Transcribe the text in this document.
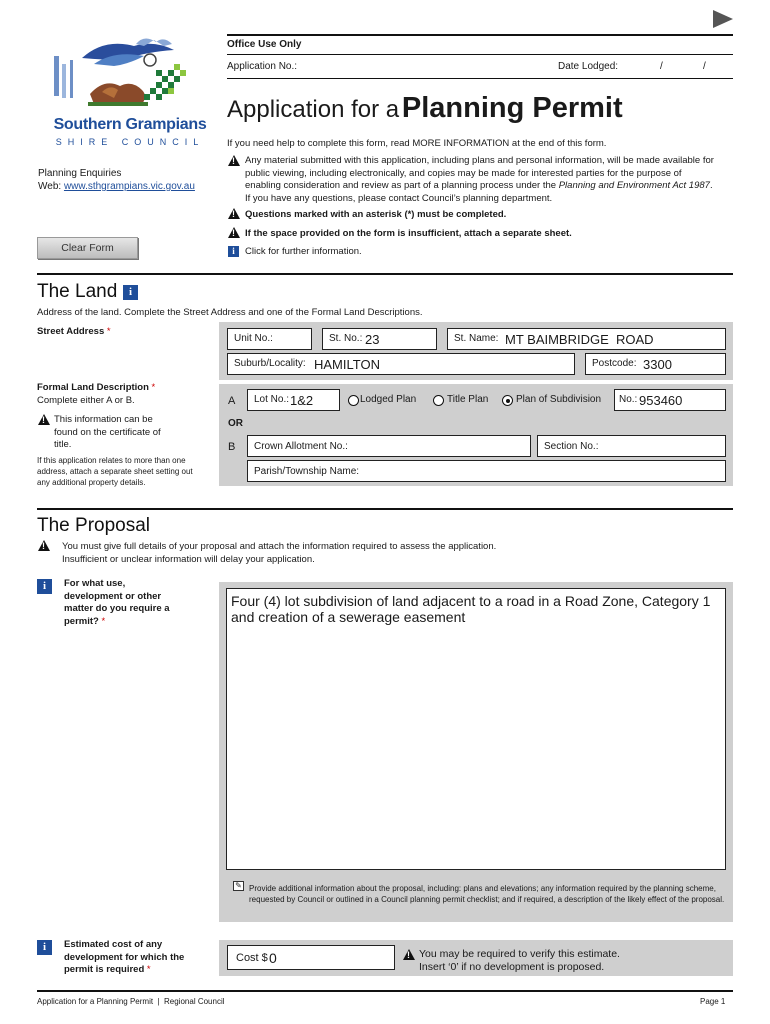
Southern Grampians
SHIRE COUNCIL
Planning Enquiries
Web: www.sthgrampians.vic.gov.au
Clear Form
Office Use Only
Application No.:	Date Lodged:	/	/
Application for a Planning Permit
If you need help to complete this form, read MORE INFORMATION at the end of this form.
!
Any material submitted with this application, including plans and personal information, will be made available for public viewing, including electronically, and copies may be made for interested parties for the purpose of enabling consideration and review as part of a planning process under the Planning and Environment Act 1987. If you have any questions, please contact Council’s planning department.
!
Questions marked with an asterisk (*) must be completed.
!
If the space provided on the form is insufficient, attach a separate sheet.
i	Click for further information.
The Land	i
Address of the land. Complete the Street Address and one of the Formal Land Descriptions.
Street Address *
Unit No.:	St. No.: 23	St. Name: MT BAIMBRIDGE  ROAD
Suburb/Locality: HAMILTON	Postcode: 3300
Formal Land Description *
Complete either A or B.
!
This information can be found on the certificate of title.
If this application relates to more than one address, attach a separate sheet setting out any additional property details.
A Lot No.: 1&2	Lodged Plan	Title Plan	Plan of Subdivision No.: 953460
OR
B Crown Allotment No.:	Section No.:
Parish/Township Name:
The Proposal
!
You must give full details of your proposal and attach the information required to assess the application.
Insufficient or unclear information will delay your application.
i	For what use, development or other matter do you require a permit? *
Four (4) lot subdivision of land adjacent to a road in a Road Zone, Category 1 and creation of a sewerage easement
✎ Provide additional information about the proposal, including: plans and elevations; any information required by the planning scheme, requested by Council or outlined in a Council planning permit checklist; and if required, a description of the likely effect of the proposal.
i	Estimated cost of any development for which the permit is required *
Cost $ 0
!	You may be required to verify this estimate.
Insert ‘0’ if no development is proposed.
Application for a Planning Permit  |  Regional Council	Page 1
